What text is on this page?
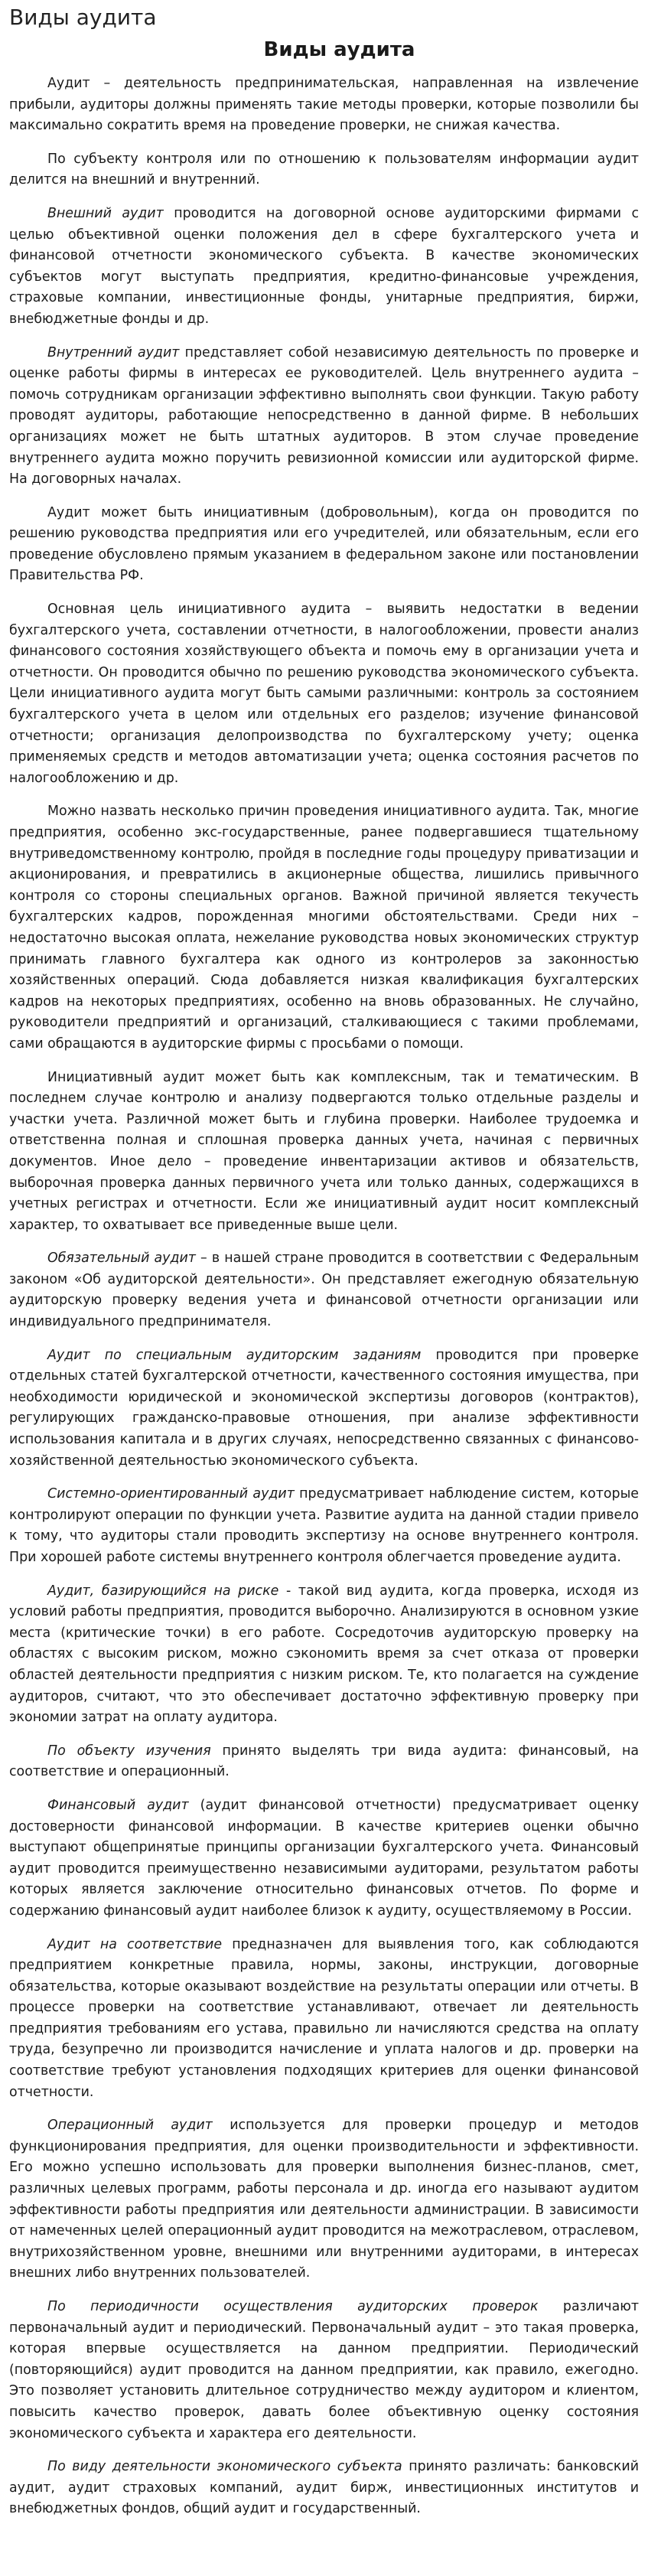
Виды аудита
Виды аудита

Аудит – деятельность предпринимательская, направленная на извлечение прибыли, аудиторы должны применять такие методы проверки, которые позволили бы максимально сократить время на проведение проверки, не снижая качества.

По субъекту контроля или по отношению к пользователям информации аудит делится на внешний и внутренний.

Внешний аудит проводится на договорной основе аудиторскими фирмами с целью объективной оценки положения дел в сфере бухгалтерского учета и финансовой отчетности экономического субъекта. В качестве экономических субъектов могут выступать предприятия, кредитно-финансовые учреждения, страховые компании, инвестиционные фонды, унитарные предприятия, биржи, внебюджетные фонды и др.

Внутренний аудит представляет собой независимую деятельность по проверке и оценке работы фирмы в интересах ее руководителей. Цель внутреннего аудита – помочь сотрудникам организации эффективно выполнять свои функции. Такую работу проводят аудиторы, работающие непосредственно в данной фирме. В небольших организациях может не быть штатных аудиторов. В этом случае проведение внутреннего аудита можно поручить ревизионной комиссии или аудиторской фирме. На договорных началах.

Аудит может быть инициативным (добровольным), когда он проводится по решению руководства предприятия или его учредителей, или обязательным, если его проведение обусловлено прямым указанием в федеральном законе или постановлении Правительства РФ.

Основная цель инициативного аудита – выявить недостатки в ведении бухгалтерского учета, составлении отчетности, в налогообложении, провести анализ финансового состояния хозяйствующего объекта и помочь ему в организации учета и отчетности. Он проводится обычно по решению руководства экономического субъекта. Цели инициативного аудита могут быть самыми различными: контроль за состоянием бухгалтерского учета в целом или отдельных его разделов; изучение финансовой отчетности; организация делопроизводства по бухгалтерскому учету; оценка применяемых средств и методов автоматизации учета; оценка состояния расчетов по налогообложению и др.

Можно назвать несколько причин проведения инициативного аудита. Так, многие предприятия, особенно экс-государственные, ранее подвергавшиеся тщательному внутриведомственному контролю, пройдя в последние годы процедуру приватизации и акционирования, и превратились в акционерные общества, лишились привычного контроля со стороны специальных органов. Важной причиной является текучесть бухгалтерских кадров, порожденная многими обстоятельствами. Среди них – недостаточно высокая оплата, нежелание руководства новых экономических структур принимать главного бухгалтера как одного из контролеров за законностью хозяйственных операций. Сюда добавляется низкая квалификация бухгалтерских кадров на некоторых предприятиях, особенно на вновь образованных. Не случайно, руководители предприятий и организаций, сталкивающиеся с такими проблемами, сами обращаются в аудиторские фирмы с просьбами о помощи.

Инициативный аудит может быть как комплексным, так и тематическим. В последнем случае контролю и анализу подвергаются только отдельные разделы и участки учета. Различной может быть и глубина проверки. Наиболее трудоемка и ответственна полная и сплошная проверка данных учета, начиная с первичных документов. Иное дело – проведение инвентаризации активов и обязательств, выборочная проверка данных первичного учета или только данных, содержащихся в учетных регистрах и отчетности. Если же инициативный аудит носит комплексный характер, то охватывает все приведенные выше цели.

Обязательный аудит – в нашей стране проводится в соответствии с Федеральным законом «Об аудиторской деятельности». Он представляет ежегодную обязательную аудиторскую проверку ведения учета и финансовой отчетности организации или индивидуального предпринимателя.

Аудит по специальным аудиторским заданиям проводится при проверке отдельных статей бухгалтерской отчетности, качественного состояния имущества, при необходимости юридической и экономической экспертизы договоров (контрактов), регулирующих гражданско-правовые отношения, при анализе эффективности использования капитала и в других случаях, непосредственно связанных с финансово-хозяйственной деятельностью экономического субъекта.

Системно-ориентированный аудит предусматривает наблюдение систем, которые контролируют операции по функции учета. Развитие аудита на данной стадии привело к тому, что аудиторы стали проводить экспертизу на основе внутреннего контроля. При хорошей работе системы внутреннего контроля облегчается проведение аудита.

Аудит, базирующийся на риске - такой вид аудита, когда проверка, исходя из условий работы предприятия, проводится выборочно. Анализируются в основном узкие места (критические точки) в его работе. Сосредоточив аудиторскую проверку на областях с высоким риском, можно сэкономить время за счет отказа от проверки областей деятельности предприятия с низким риском. Те, кто полагается на суждение аудиторов, считают, что это обеспечивает достаточно эффективную проверку при экономии затрат на оплату аудитора.

По объекту изучения принято выделять три вида аудита: финансовый, на соответствие и операционный.

Финансовый аудит (аудит финансовой отчетности) предусматривает оценку достоверности финансовой информации. В качестве критериев оценки обычно выступают общепринятые принципы организации бухгалтерского учета. Финансовый аудит проводится преимущественно независимыми аудиторами, результатом работы которых является заключение относительно финансовых отчетов. По форме и содержанию финансовый аудит наиболее близок к аудиту, осуществляемому в России.

Аудит на соответствие предназначен для выявления того, как соблюдаются предприятием конкретные правила, нормы, законы, инструкции, договорные обязательства, которые оказывают воздействие на результаты операции или отчеты. В процессе проверки на соответствие устанавливают, отвечает ли деятельность предприятия требованиям его устава, правильно ли начисляются средства на оплату труда, безупречно ли производится начисление и уплата налогов и др. проверки на соответствие требуют установления подходящих критериев для оценки финансовой отчетности.

Операционный аудит используется для проверки процедур и методов функционирования предприятия, для оценки производительности и эффективности. Его можно успешно использовать для проверки выполнения бизнес-планов, смет, различных целевых программ, работы персонала и др. иногда его называют аудитом эффективности работы предприятия или деятельности администрации. В зависимости от намеченных целей операционный аудит проводится на межотраслевом, отраслевом, внутрихозяйственном уровне, внешними или внутренними аудиторами, в интересах внешних либо внутренних пользователей.

По периодичности осуществления аудиторских проверок различают первоначальный аудит и периодический. Первоначальный аудит – это такая проверка, которая впервые осуществляется на данном предприятии. Периодический (повторяющийся) аудит проводится на данном предприятии, как правило, ежегодно. Это позволяет установить длительное сотрудничество между аудитором и клиентом, повысить качество проверок, давать более объективную оценку состояния экономического субъекта и характера его деятельности.

По виду деятельности экономического субъекта принято различать: банковский аудит, аудит страховых компаний, аудит бирж, инвестиционных институтов и внебюджетных фондов, общий аудит и государственный.
